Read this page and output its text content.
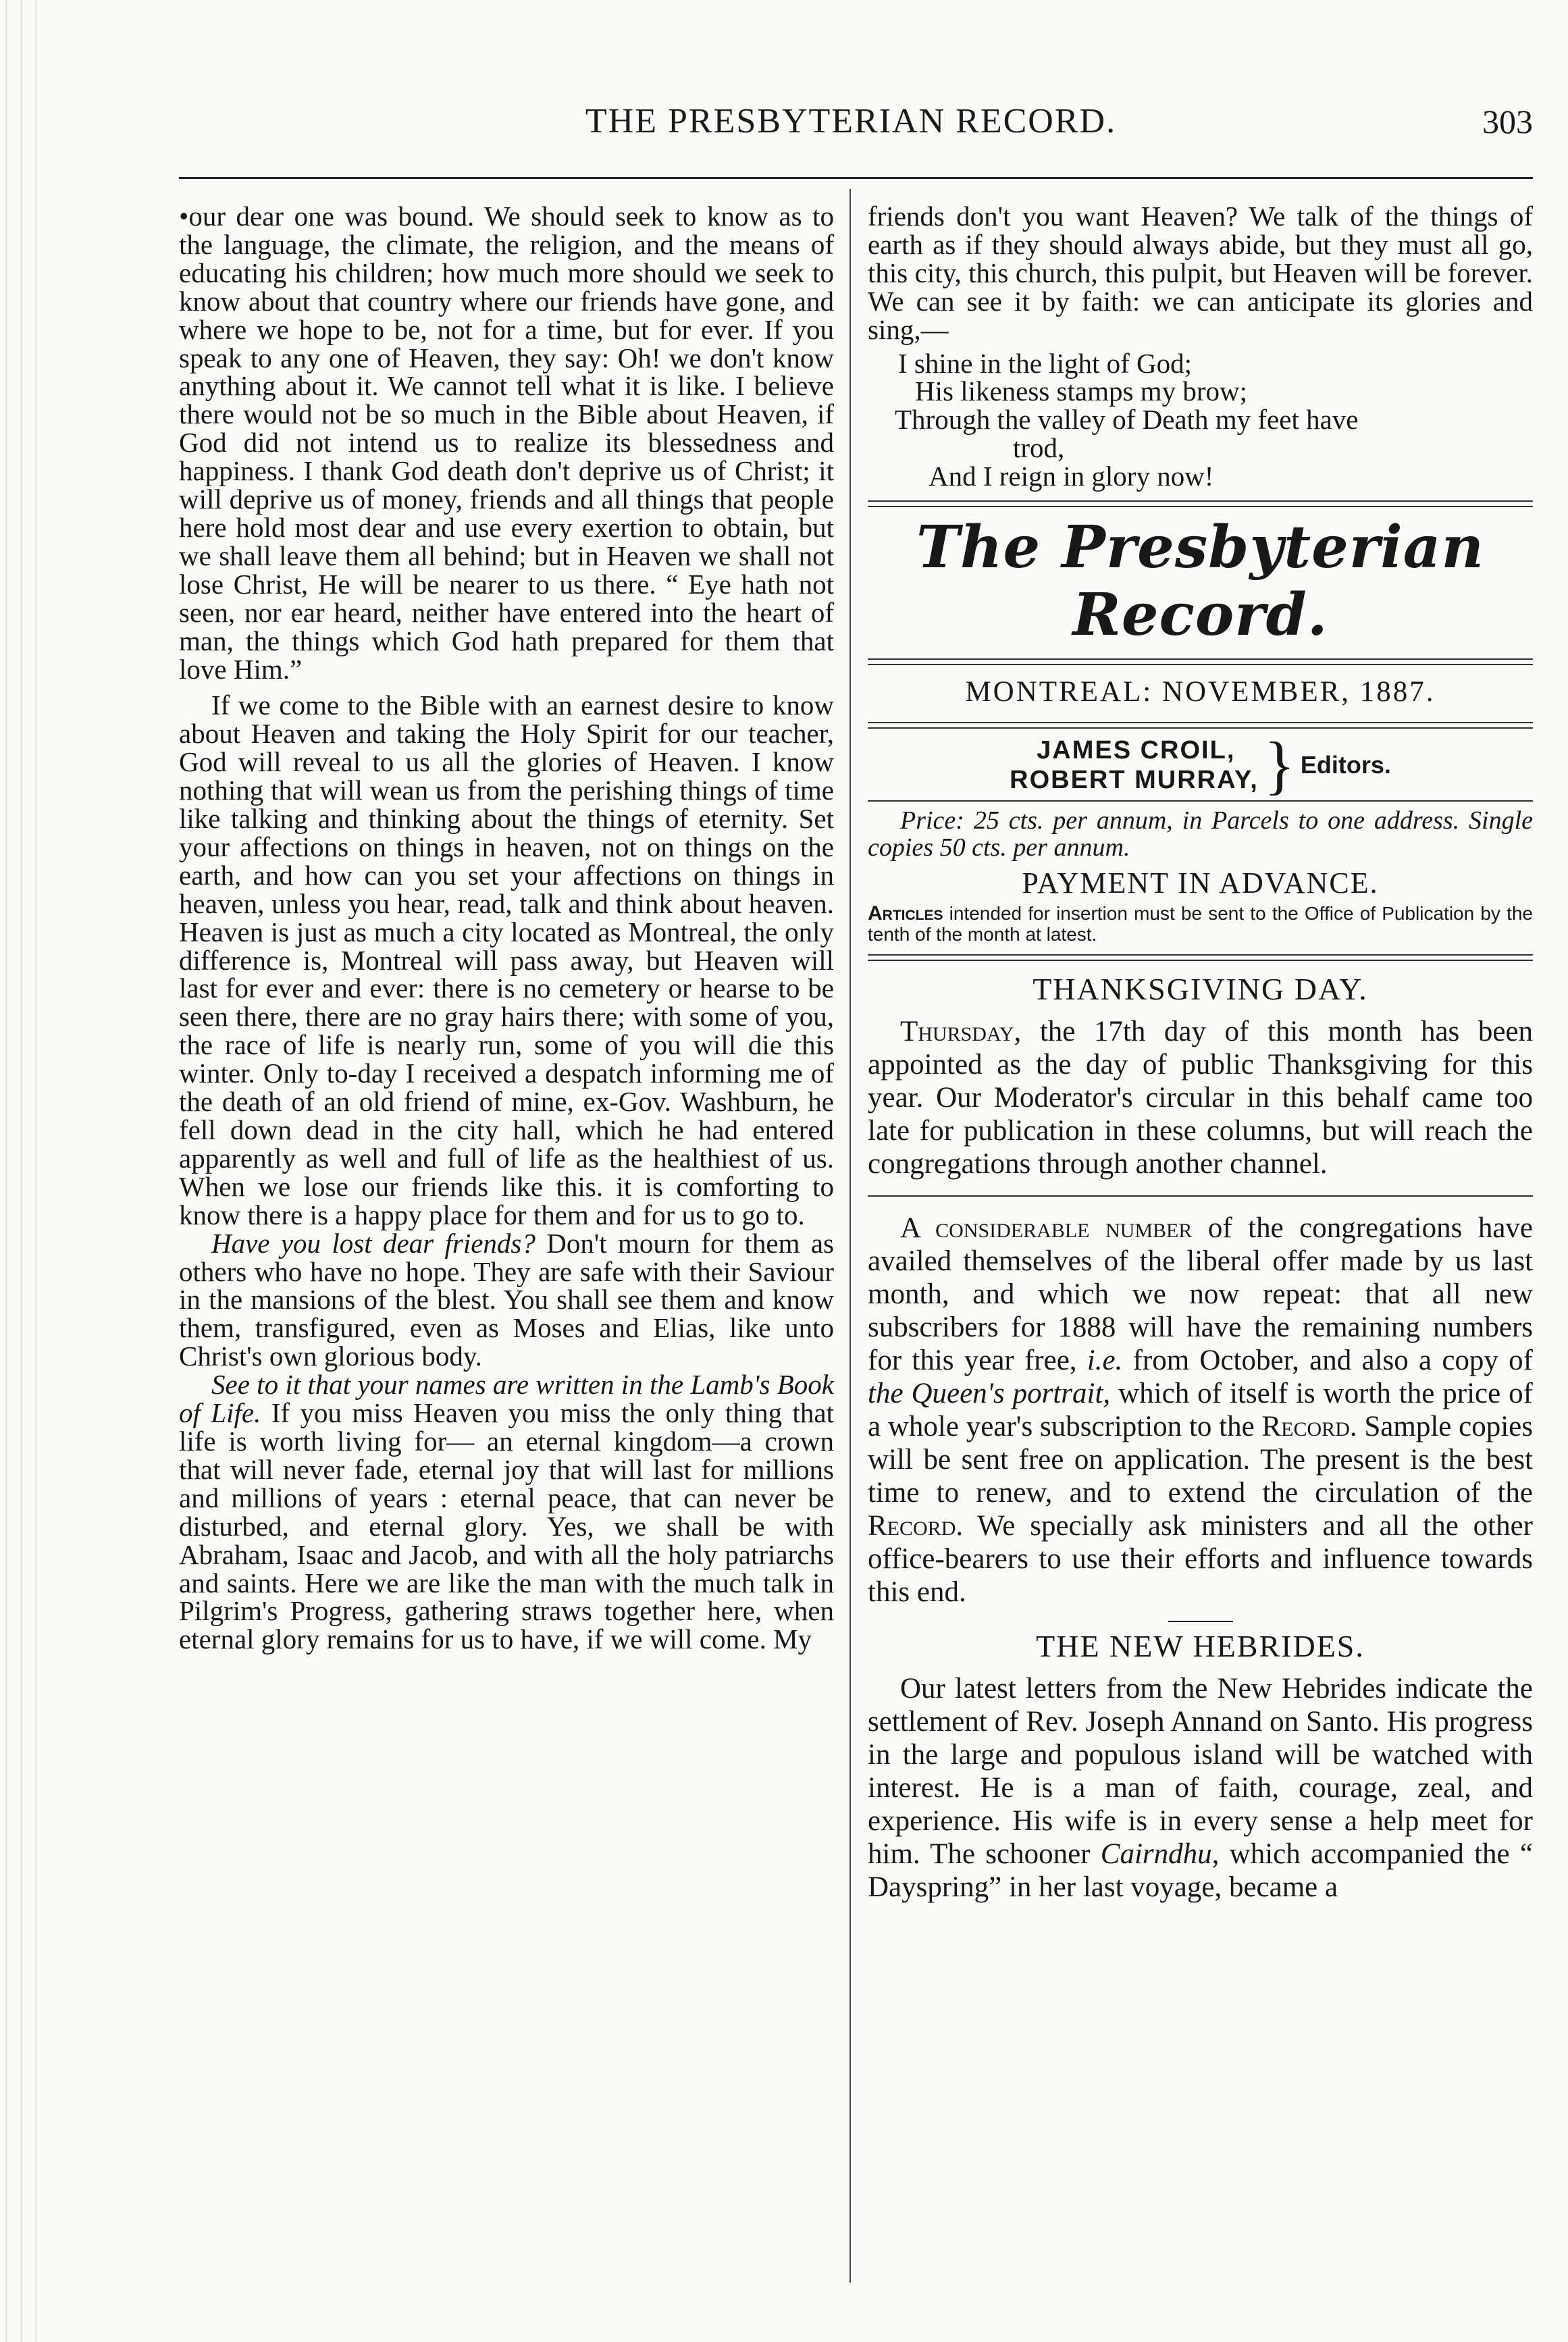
THE PRESBYTERIAN RECORD.	303

•our dear one was bound. We should seek to know as to the language, the climate, the religion, and the means of educating his children; how much more should we seek to know about that country where our friends have gone, and where we hope to be, not for a time, but for ever. If you speak to any one of Heaven, they say: Oh! we don't know anything about it. We cannot tell what it is like. I believe there would not be so much in the Bible about Heaven, if God did not intend us to realize its blessedness and happiness. I thank God death don't deprive us of Christ; it will deprive us of money, friends and all things that people here hold most dear and use every exertion to obtain, but we shall leave them all behind; but in Heaven we shall not lose Christ, He will be nearer to us there. “ Eye hath not seen, nor ear heard, neither have entered into the heart of man, the things which God hath prepared for them that love Him.”

If we come to the Bible with an earnest desire to know about Heaven and taking the Holy Spirit for our teacher, God will reveal to us all the glories of Heaven. I know nothing that will wean us from the perishing things of time like talking and thinking about the things of eternity. Set your affections on things in heaven, not on things on the earth, and how can you set your affections on things in heaven, unless you hear, read, talk and think about heaven. Heaven is just as much a city located as Montreal, the only difference is, Montreal will pass away, but Heaven will last for ever and ever: there is no cemetery or hearse to be seen there, there are no gray hairs there; with some of you, the race of life is nearly run, some of you will die this winter. Only to-day I received a despatch informing me of the death of an old friend of mine, ex-Gov. Washburn, he fell down dead in the city hall, which he had entered apparently as well and full of life as the healthiest of us. When we lose our friends like this. it is comforting to know there is a happy place for them and for us to go to.

Have you lost dear friends? Don't mourn for them as others who have no hope. They are safe with their Saviour in the mansions of the blest. You shall see them and know them, transfigured, even as Moses and Elias, like unto Christ's own glorious body.

See to it that your names are written in the Lamb's Book of Life. If you miss Heaven you miss the only thing that life is worth living for— an eternal kingdom—a crown that will never fade, eternal joy that will last for millions and millions of years : eternal peace, that can never be disturbed, and eternal glory. Yes, we shall be with Abraham, Isaac and Jacob, and with all the holy patriarchs and saints. Here we are like the man with the much talk in Pilgrim's Progress, gathering straws together here, when eternal glory remains for us to have, if we will come. My

friends don't you want Heaven? We talk of the things of earth as if they should always abide, but they must all go, this city, this church, this pulpit, but Heaven will be forever. We can see it by faith: we can anticipate its glories and sing,—

I shine in the light of God;
His likeness stamps my brow;
Through the valley of Death my feet have
trod,
And I reign in glory now!
The Presbyterian Record.
MONTREAL: NOVEMBER, 1887.
JAMES CROIL,
ROBERT MURRAY, } Editors.

Price: 25 cts. per annum, in Parcels to one address. Single copies 50 cts. per annum.

PAYMENT IN ADVANCE.

Articles intended for insertion must be sent to the Office of Publication by the tenth of the month at latest.

THANKSGIVING DAY.

Thursday, the 17th day of this month has been appointed as the day of public Thanksgiving for this year. Our Moderator's circular in this behalf came too late for publication in these columns, but will reach the congregations through another channel.

A considerable number of the congregations have availed themselves of the liberal offer made by us last month, and which we now repeat: that all new subscribers for 1888 will have the remaining numbers for this year free, i.e. from October, and also a copy of the Queen's portrait, which of itself is worth the price of a whole year's subscription to the Record. Sample copies will be sent free on application. The present is the best time to renew, and to extend the circulation of the Record. We specially ask ministers and all the other office-bearers to use their efforts and influence towards this end.

THE NEW HEBRIDES.

Our latest letters from the New Hebrides indicate the settlement of Rev. Joseph Annand on Santo. His progress in the large and populous island will be watched with interest. He is a man of faith, courage, zeal, and experience. His wife is in every sense a help meet for him. The schooner Cairndhu, which accompanied the “ Dayspring” in her last voyage, became a
